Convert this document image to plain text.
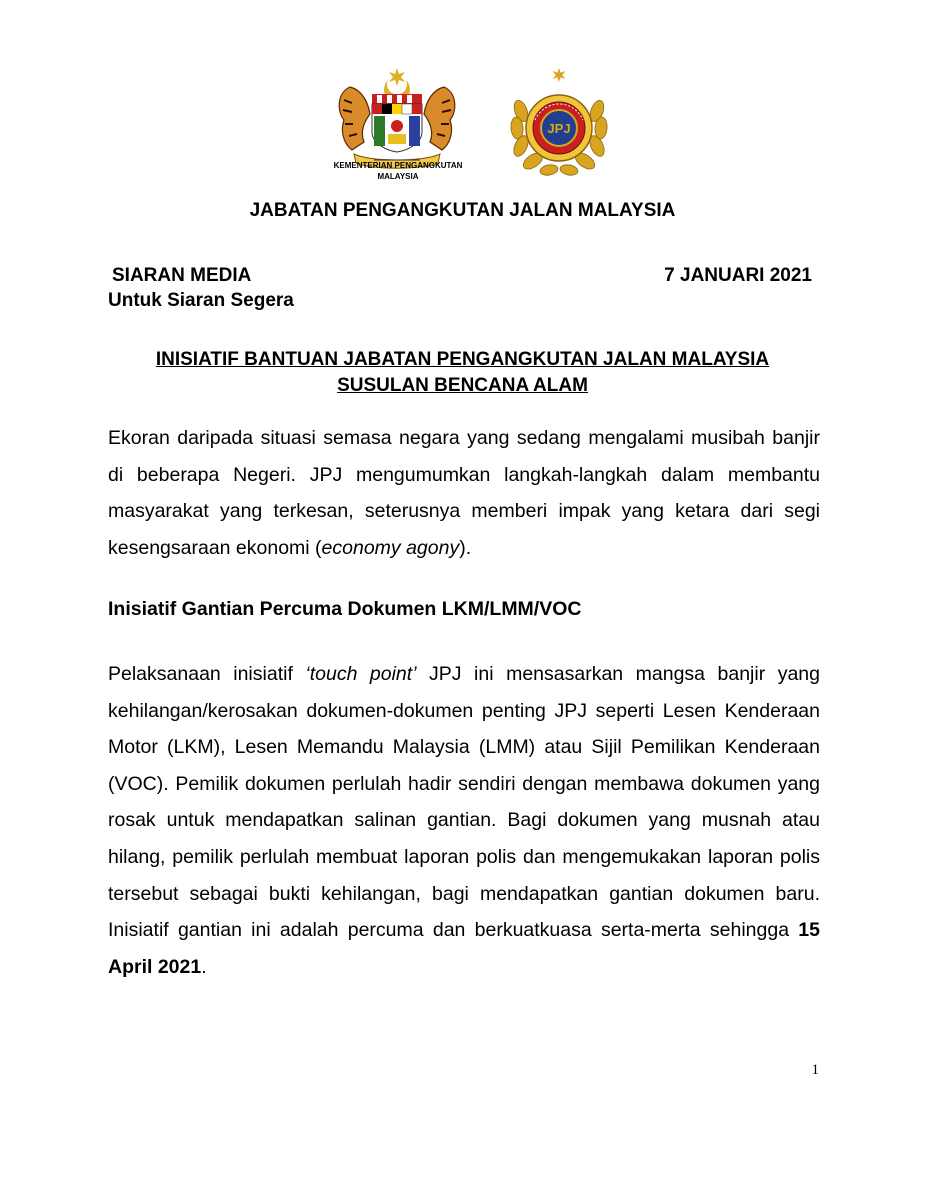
KEMENTERIAN PENGANGKUTAN
MALAYSIA
JPJ
JABATAN PENGANGKUTAN JALAN MALAYSIA
SIARAN MEDIA	7 JANUARI 2021
Untuk Siaran Segera
INISIATIF BANTUAN JABATAN PENGANGKUTAN JALAN MALAYSIA
SUSULAN BENCANA ALAM
Ekoran daripada situasi semasa negara yang sedang mengalami musibah banjir di beberapa Negeri. JPJ mengumumkan langkah-langkah dalam membantu masyarakat yang terkesan, seterusnya memberi impak yang ketara dari segi kesengsaraan ekonomi (economy agony).
Inisiatif Gantian Percuma Dokumen LKM/LMM/VOC
Pelaksanaan inisiatif ‘touch point’ JPJ ini mensasarkan mangsa banjir yang kehilangan/kerosakan dokumen-dokumen penting JPJ seperti Lesen Kenderaan Motor (LKM), Lesen Memandu Malaysia (LMM) atau Sijil Pemilikan Kenderaan (VOC). Pemilik dokumen perlulah hadir sendiri dengan membawa dokumen yang rosak untuk mendapatkan salinan gantian. Bagi dokumen yang musnah atau hilang, pemilik perlulah membuat laporan polis dan mengemukakan laporan polis tersebut sebagai bukti kehilangan, bagi mendapatkan gantian dokumen baru. Inisiatif gantian ini adalah percuma dan berkuatkuasa serta-merta sehingga 15 April 2021.
1
